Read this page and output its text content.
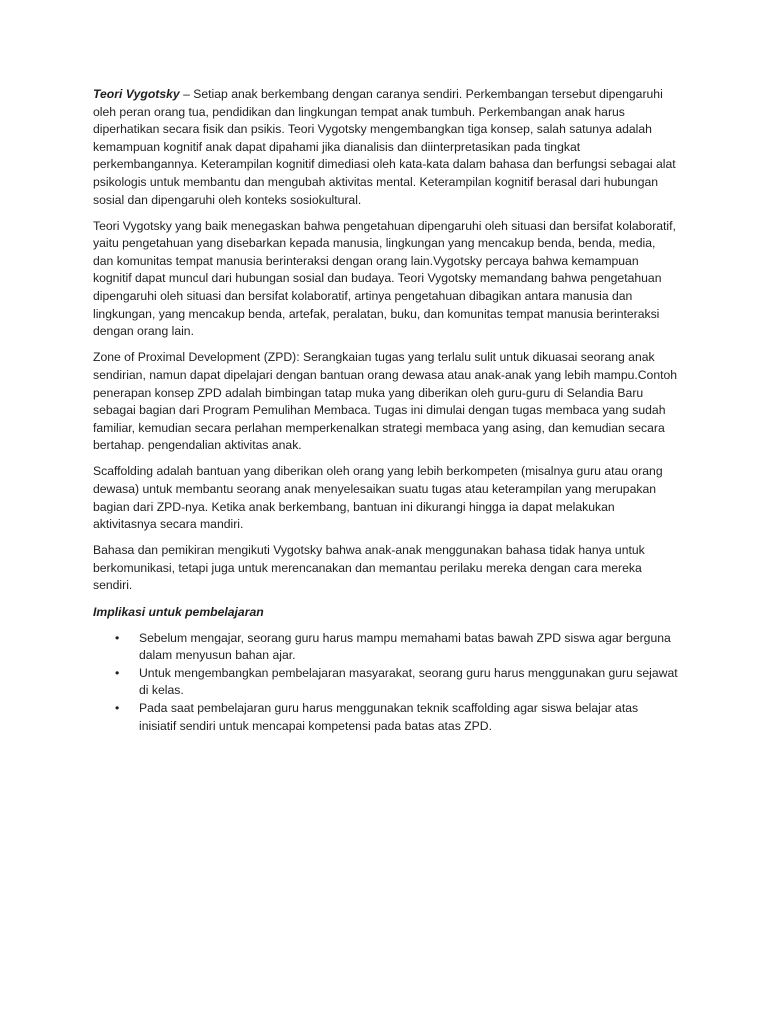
Teori Vygotsky – Setiap anak berkembang dengan caranya sendiri. Perkembangan tersebut dipengaruhi oleh peran orang tua, pendidikan dan lingkungan tempat anak tumbuh. Perkembangan anak harus diperhatikan secara fisik dan psikis. Teori Vygotsky mengembangkan tiga konsep, salah satunya adalah kemampuan kognitif anak dapat dipahami jika dianalisis dan diinterpretasikan pada tingkat perkembangannya. Keterampilan kognitif dimediasi oleh kata-kata dalam bahasa dan berfungsi sebagai alat psikologis untuk membantu dan mengubah aktivitas mental. Keterampilan kognitif berasal dari hubungan sosial dan dipengaruhi oleh konteks sosiokultural.

Teori Vygotsky yang baik menegaskan bahwa pengetahuan dipengaruhi oleh situasi dan bersifat kolaboratif, yaitu pengetahuan yang disebarkan kepada manusia, lingkungan yang mencakup benda, benda, media, dan komunitas tempat manusia berinteraksi dengan orang lain.Vygotsky percaya bahwa kemampuan kognitif dapat muncul dari hubungan sosial dan budaya. Teori Vygotsky memandang bahwa pengetahuan dipengaruhi oleh situasi dan bersifat kolaboratif, artinya pengetahuan dibagikan antara manusia dan lingkungan, yang mencakup benda, artefak, peralatan, buku, dan komunitas tempat manusia berinteraksi dengan orang lain.

Zone of Proximal Development (ZPD): Serangkaian tugas yang terlalu sulit untuk dikuasai seorang anak sendirian, namun dapat dipelajari dengan bantuan orang dewasa atau anak-anak yang lebih mampu.Contoh penerapan konsep ZPD adalah bimbingan tatap muka yang diberikan oleh guru-guru di Selandia Baru sebagai bagian dari Program Pemulihan Membaca. Tugas ini dimulai dengan tugas membaca yang sudah familiar, kemudian secara perlahan memperkenalkan strategi membaca yang asing, dan kemudian secara bertahap. pengendalian aktivitas anak.

Scaffolding adalah bantuan yang diberikan oleh orang yang lebih berkompeten (misalnya guru atau orang dewasa) untuk membantu seorang anak menyelesaikan suatu tugas atau keterampilan yang merupakan bagian dari ZPD-nya. Ketika anak berkembang, bantuan ini dikurangi hingga ia dapat melakukan aktivitasnya secara mandiri.

Bahasa dan pemikiran mengikuti Vygotsky bahwa anak-anak menggunakan bahasa tidak hanya untuk berkomunikasi, tetapi juga untuk merencanakan dan memantau perilaku mereka dengan cara mereka sendiri.

Implikasi untuk pembelajaran

• Sebelum mengajar, seorang guru harus mampu memahami batas bawah ZPD siswa agar berguna dalam menyusun bahan ajar.
• Untuk mengembangkan pembelajaran masyarakat, seorang guru harus menggunakan guru sejawat di kelas.
• Pada saat pembelajaran guru harus menggunakan teknik scaffolding agar siswa belajar atas inisiatif sendiri untuk mencapai kompetensi pada batas atas ZPD.
